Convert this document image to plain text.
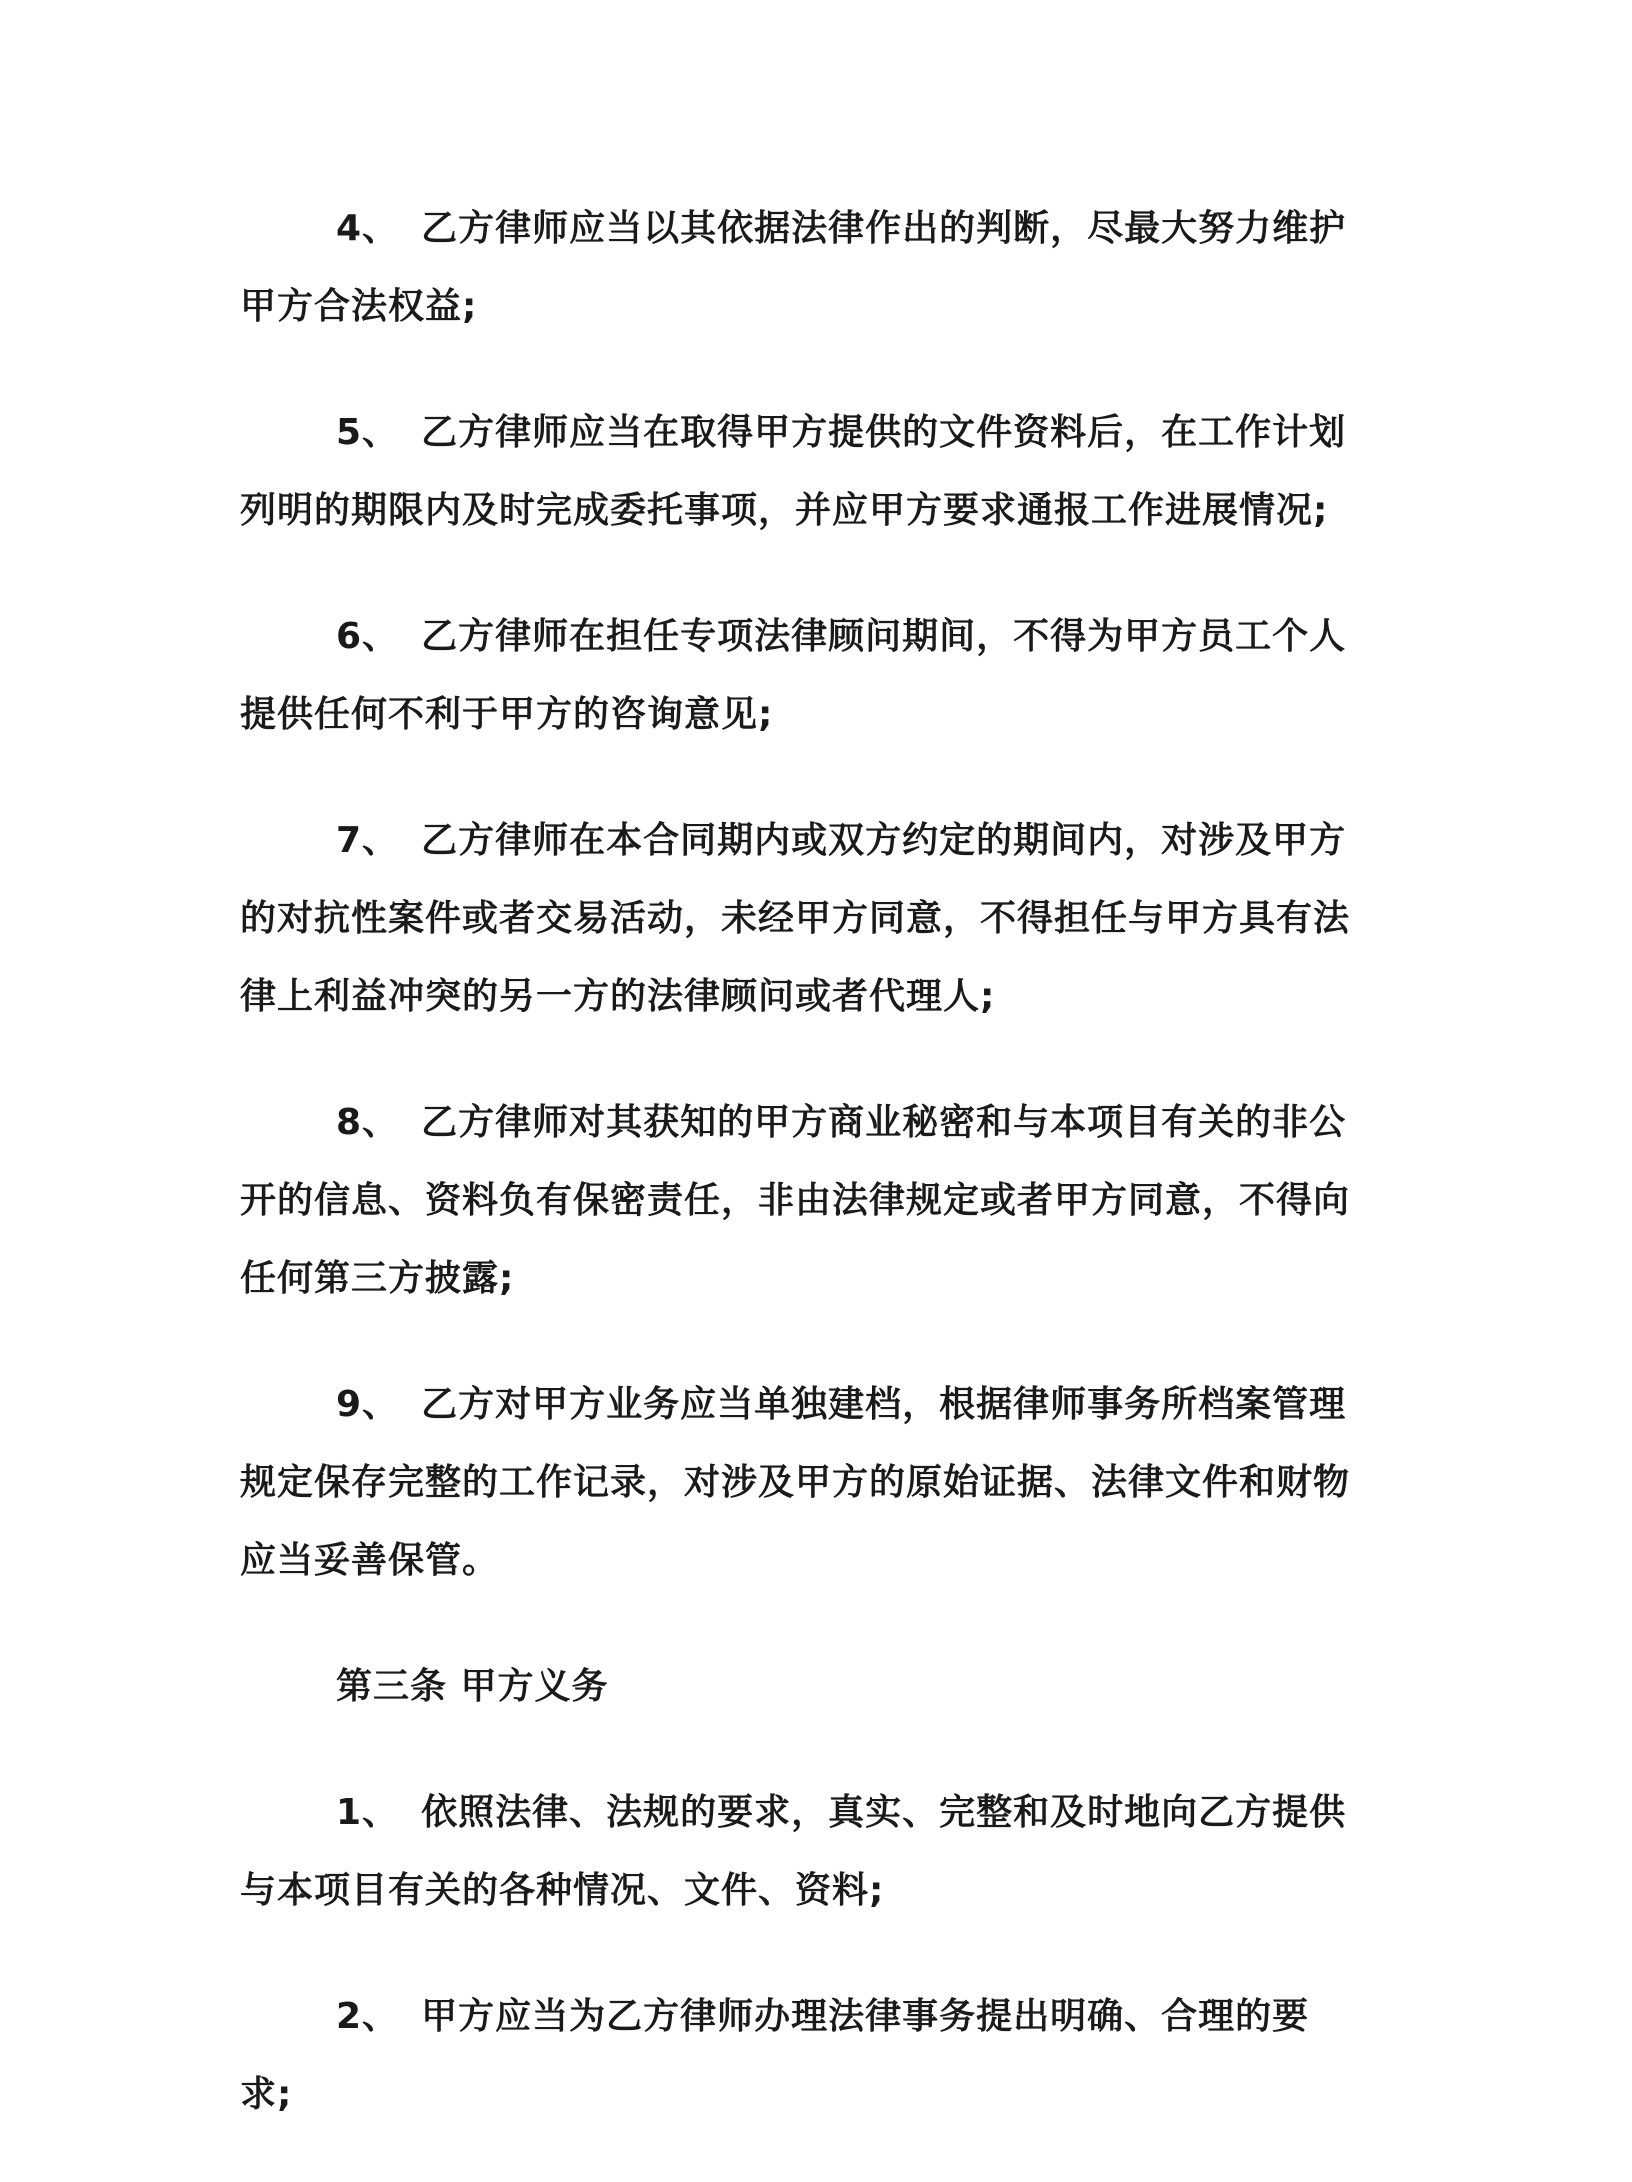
4、 乙方律师应当以其依据法律作出的判断，尽最大努力维护甲方合法权益;

5、 乙方律师应当在取得甲方提供的文件资料后，在工作计划列明的期限内及时完成委托事项，并应甲方要求通报工作进展情况;

6、 乙方律师在担任专项法律顾问期间，不得为甲方员工个人提供任何不利于甲方的咨询意见;

7、 乙方律师在本合同期内或双方约定的期间内，对涉及甲方的对抗性案件或者交易活动，未经甲方同意，不得担任与甲方具有法律上利益冲突的另一方的法律顾问或者代理人;

8、 乙方律师对其获知的甲方商业秘密和与本项目有关的非公开的信息、资料负有保密责任，非由法律规定或者甲方同意，不得向任何第三方披露;

9、 乙方对甲方业务应当单独建档，根据律师事务所档案管理规定保存完整的工作记录，对涉及甲方的原始证据、法律文件和财物应当妥善保管。

第三条 甲方义务

1、 依照法律、法规的要求，真实、完整和及时地向乙方提供与本项目有关的各种情况、文件、资料;

2、 甲方应当为乙方律师办理法律事务提出明确、合理的要求;
